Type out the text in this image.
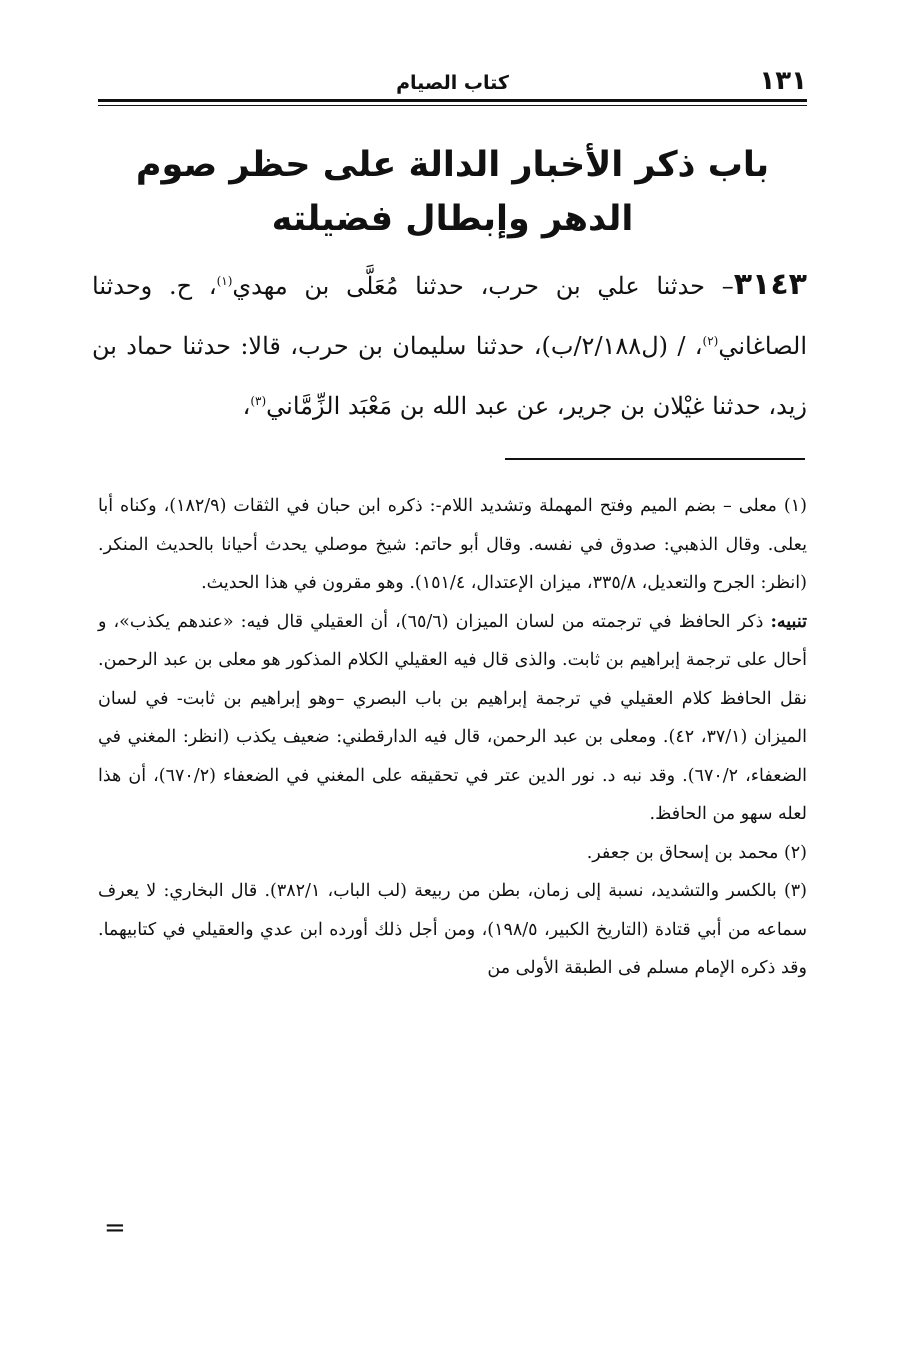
١٣١
كتاب الصيام
باب ذكر الأخبار الدالة على حظر صوم الدهر وإبطال فضيلته
٣١٤٣– حدثنا علي بن حرب، حدثنا مُعَلَّى بن مهدي$^{(١)}$، ح. وحدثنا الصاغاني$^{(٢)}$، / (ل٢/١٨٨/ب)، حدثنا سليمان بن حرب، قالا: حدثنا حماد بن زيد، حدثنا غيْلان بن جرير، عن عبد الله بن مَعْبَد الزِّمَّاني$^{(٣)}$،

(١) معلى – بضم الميم وفتح المهملة وتشديد اللام-: ذكره ابن حبان في الثقات (١٨٢/٩)، وكناه أبا يعلى. وقال الذهبي: صدوق في نفسه. وقال أبو حاتم: شيخ موصلي يحدث أحيانا بالحديث المنكر. (انظر: الجرح والتعديل، ٣٣٥/٨، ميزان الإعتدال، ١٥١/٤). وهو مقرون في هذا الحديث.

تنبيه: ذكر الحافظ في ترجمته من لسان الميزان (٦٥/٦)، أن العقيلي قال فيه: «عندهم يكذب»، و أحال على ترجمة إبراهيم بن ثابت. والذى قال فيه العقيلي الكلام المذكور هو معلى بن عبد الرحمن. نقل الحافظ كلام العقيلي في ترجمة إبراهيم بن باب البصري –وهو إبراهيم بن ثابت- في لسان الميزان (٣٧/١، ٤٢). ومعلى بن عبد الرحمن، قال فيه الدارقطني: ضعيف يكذب (انظر: المغني في الضعفاء، ٦٧٠/٢). وقد نبه د. نور الدين عتر في تحقيقه على المغني في الضعفاء (٦٧٠/٢)، أن هذا لعله سهو من الحافظ.

(٢) محمد بن إسحاق بن جعفر.

(٣) بالكسر والتشديد، نسبة إلى زمان، بطن من ربيعة (لب الباب، ٣٨٢/١). قال البخاري: لا يعرف سماعه من أبي قتادة (التاريخ الكبير، ١٩٨/٥)، ومن أجل ذلك أورده ابن عدي والعقيلي في كتابيهما. وقد ذكره الإمام مسلم فى الطبقة الأولى من

=
